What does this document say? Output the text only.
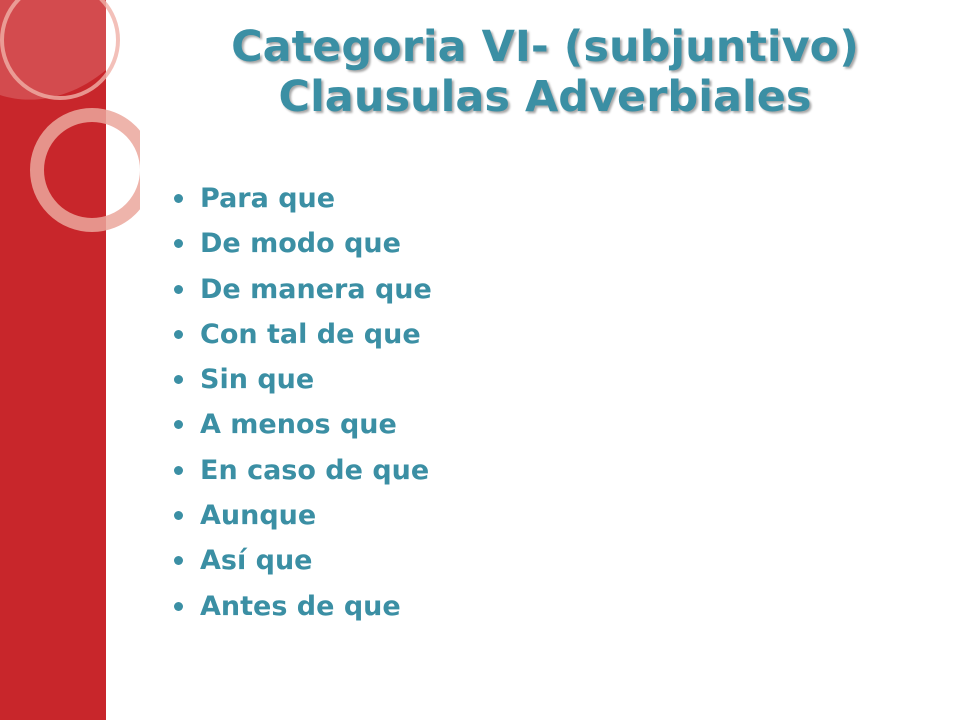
Categoria VI- (subjuntivo)
Clausulas Adverbiales
Para que
De modo que
De manera que
Con tal de que
Sin que
A menos que
En caso de que
Aunque
Así que
Antes de que
